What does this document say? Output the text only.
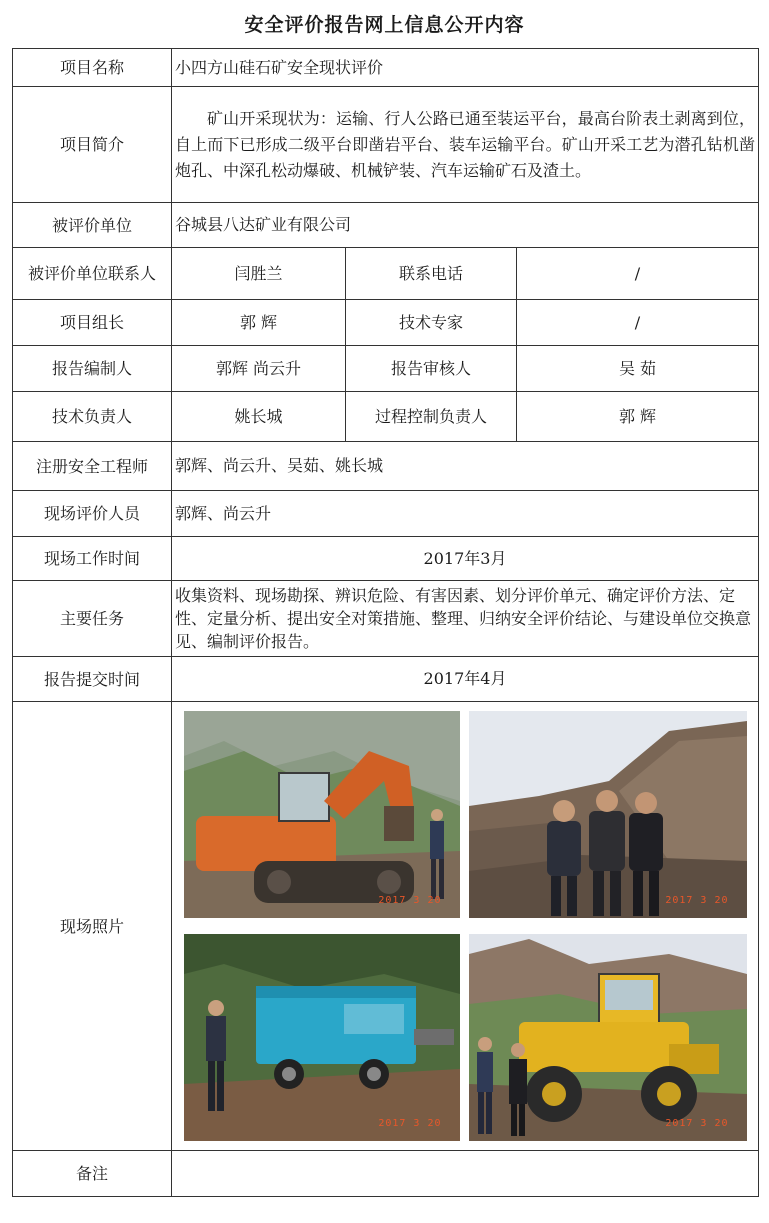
安全评价报告网上信息公开内容
项目名称	小四方山硅石矿安全现状评价		
项目简介	矿山开采现状为：运输、行人公路已通至装运平台，最高台阶表土剥离到位，自上而下已形成二级平台即凿岩平台、装车运输平台。矿山开采工艺为潜孔钻机凿炮孔、中深孔松动爆破、机械铲装、汽车运输矿石及渣土。		
被评价单位	谷城县八达矿业有限公司		
被评价单位联系人	闫胜兰	联系电话	/
项目组长	郭 辉	技术专家	/
报告编制人	郭辉 尚云升	报告审核人	吴 茹
技术负责人	姚长城	过程控制负责人	郭 辉
注册安全工程师	郭辉、尚云升、吴茹、姚长城		
现场评价人员	郭辉、尚云升		
现场工作时间	2017年3月		
主要任务	收集资料、现场勘探、辨识危险、有害因素、划分评价单元、确定评价方法、定性、定量分析、提出安全对策措施、整理、归纳安全评价结论、与建设单位交换意见、编制评价报告。		
报告提交时间	2017年4月		
现场照片	2017 3 20 2017 3 20
2017 3 20 2017 3 20		

备注			
